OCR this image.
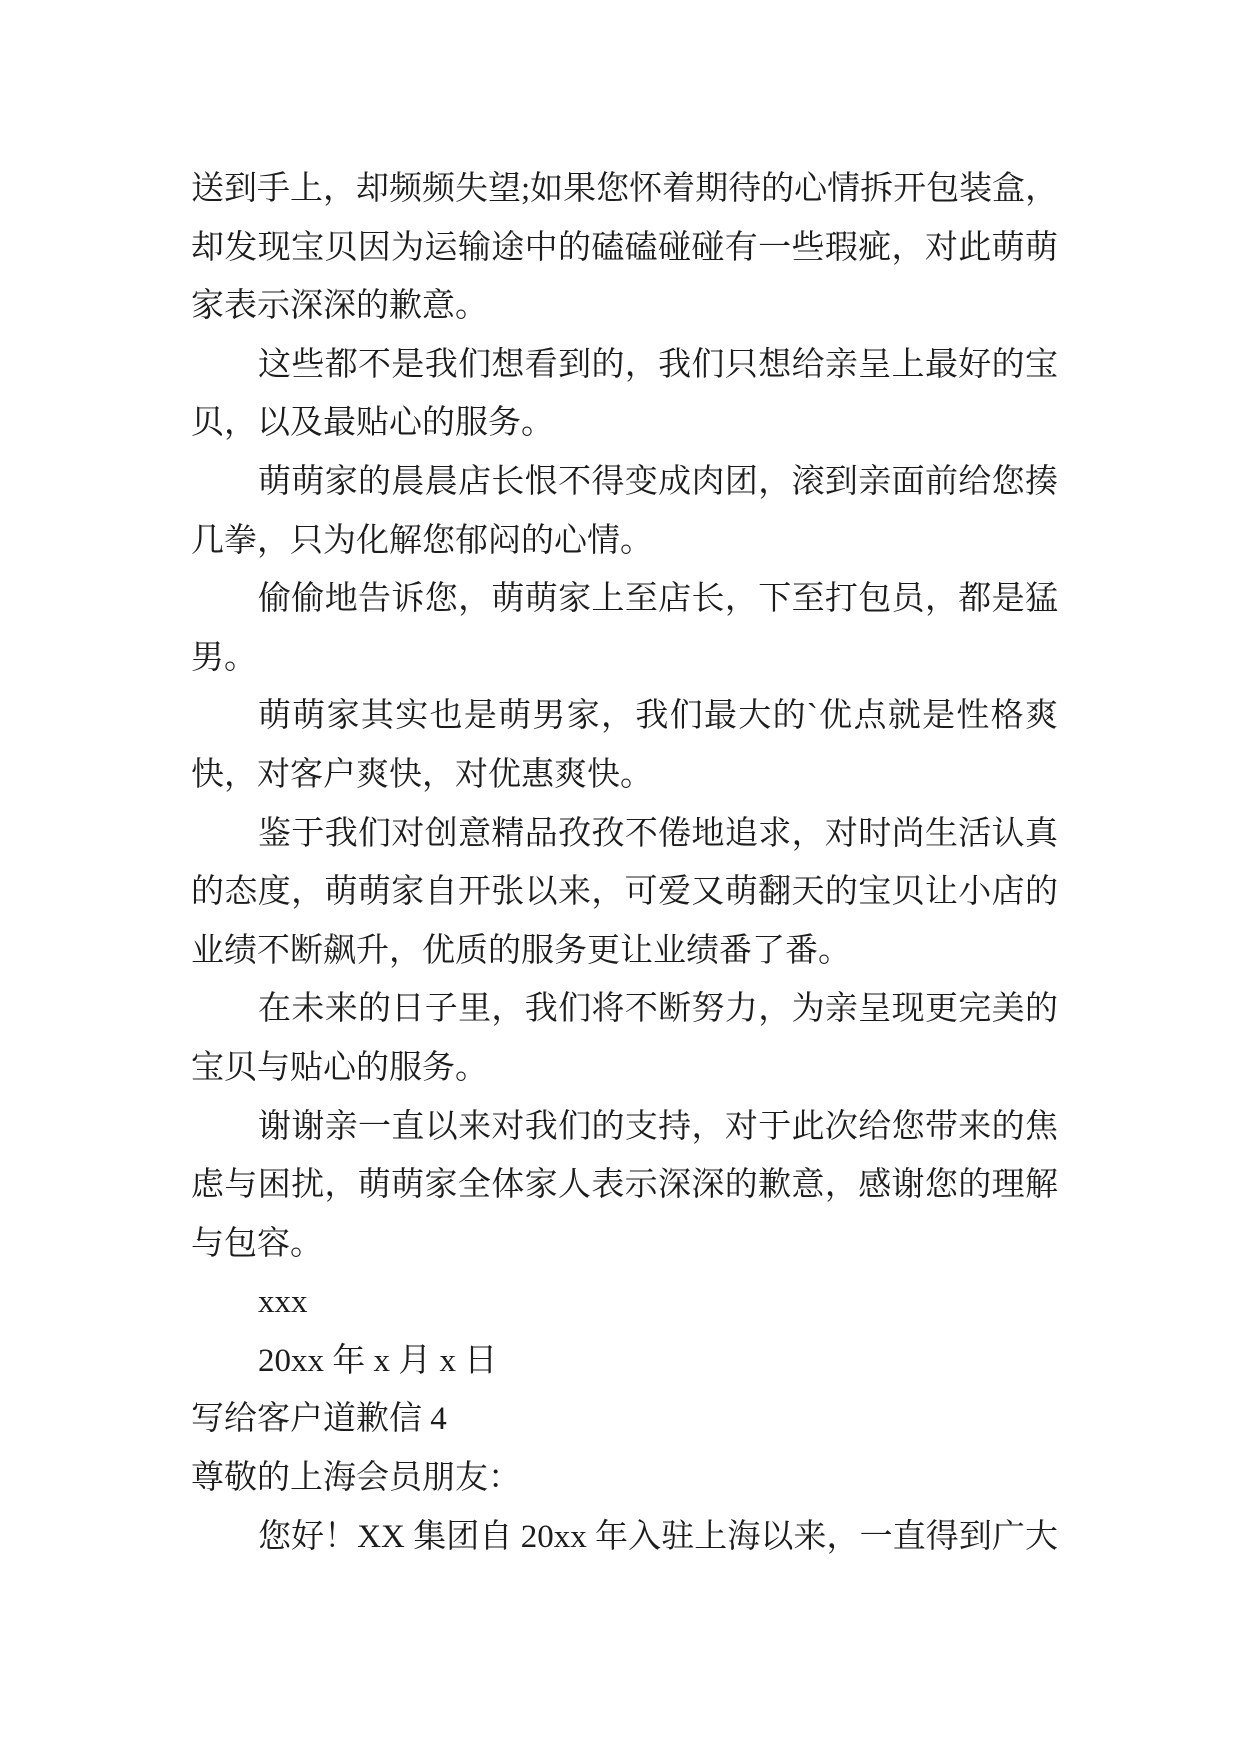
送到手上，却频频失望;如果您怀着期待的心情拆开包装盒，
却发现宝贝因为运输途中的磕磕碰碰有一些瑕疵，对此萌萌
家表示深深的歉意。
这些都不是我们想看到的，我们只想给亲呈上最好的宝
贝，以及最贴心的服务。
萌萌家的晨晨店长恨不得变成肉团，滚到亲面前给您揍
几拳，只为化解您郁闷的心情。
偷偷地告诉您，萌萌家上至店长，下至打包员，都是猛
男。
萌萌家其实也是萌男家，我们最大的`优点就是性格爽
快，对客户爽快，对优惠爽快。
鉴于我们对创意精品孜孜不倦地追求，对时尚生活认真
的态度，萌萌家自开张以来，可爱又萌翻天的宝贝让小店的
业绩不断飙升，优质的服务更让业绩番了番。
在未来的日子里，我们将不断努力，为亲呈现更完美的
宝贝与贴心的服务。
谢谢亲一直以来对我们的支持，对于此次给您带来的焦
虑与困扰，萌萌家全体家人表示深深的歉意，感谢您的理解
与包容。
xxx
20xx 年 x 月 x 日
写给客户道歉信 4
尊敬的上海会员朋友：
您好！XX 集团自 20xx 年入驻上海以来，一直得到广大
